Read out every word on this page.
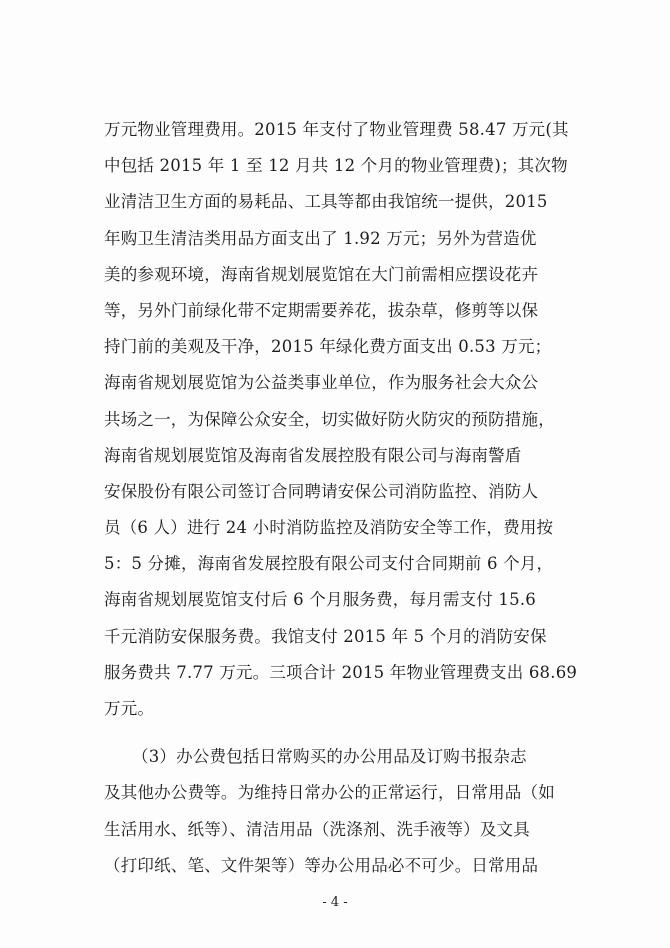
万元物业管理费用。2015 年支付了物业管理费 58.47 万元(其
中包括 2015 年 1 至 12 月共 12 个月的物业管理费)；其次物
业清洁卫生方面的易耗品、工具等都由我馆统一提供，2015
年购卫生清洁类用品方面支出了 1.92 万元；另外为营造优
美的参观环境，海南省规划展览馆在大门前需相应摆设花卉
等，另外门前绿化带不定期需要养花，拔杂草，修剪等以保
持门前的美观及干净，2015 年绿化费方面支出 0.53 万元；
海南省规划展览馆为公益类事业单位，作为服务社会大众公
共场之一，为保障公众安全，切实做好防火防灾的预防措施，
海南省规划展览馆及海南省发展控股有限公司与海南警盾
安保股份有限公司签订合同聘请安保公司消防监控、消防人
员（6 人）进行 24 小时消防监控及消防安全等工作，费用按
5：5 分摊，海南省发展控股有限公司支付合同期前 6 个月，
海南省规划展览馆支付后 6 个月服务费，每月需支付 15.6
千元消防安保服务费。我馆支付 2015 年 5 个月的消防安保
服务费共 7.77 万元。三项合计 2015 年物业管理费支出 68.69
万元。
（3）办公费包括日常购买的办公用品及订购书报杂志
及其他办公费等。为维持日常办公的正常运行，日常用品（如
生活用水、纸等）、清洁用品（洗涤剂、洗手液等）及文具
（打印纸、笔、文件架等）等办公用品必不可少。日常用品
- 4 -
